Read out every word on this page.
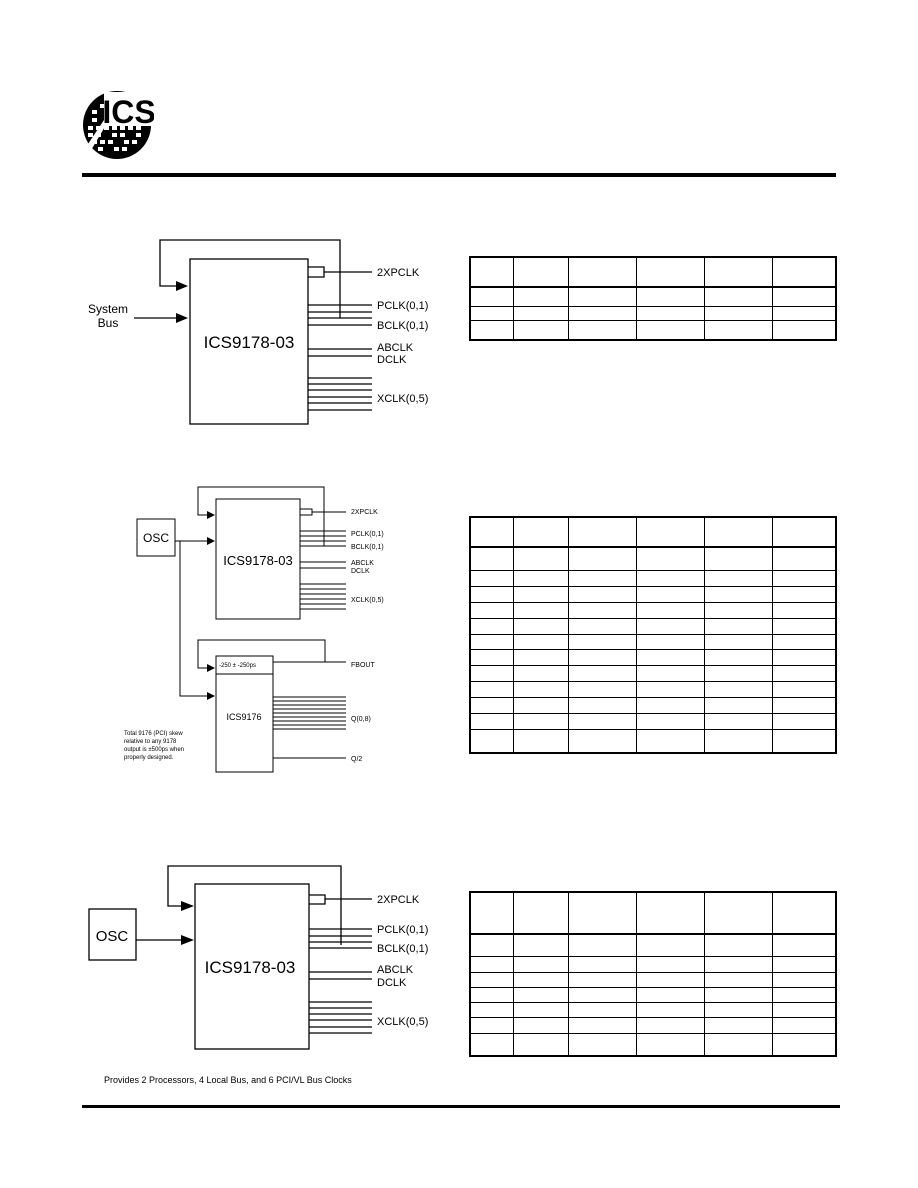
ICS
ICS9178-03
System
Bus
2XPCLK
PCLK(0,1)
BCLK(0,1)
ABCLK
DCLK
XCLK(0,5)

OSC
ICS9178-03
2XPCLK
PCLK(0,1)
BCLK(0,1)
ABCLK
DCLK
XCLK(0,5)
-250 ± -250ps
ICS9176
FBOUT
Q(0,8)
Q/2
Total 9176 (PCI) skew
relative to any 9178
output is ±500ps when
properly designed.

OSC
ICS9178-03
2XPCLK
PCLK(0,1)
BCLK(0,1)
ABCLK
DCLK
XCLK(0,5)
Provides 2 Processors, 4 Local Bus, and 6 PCI/VL Bus Clocks
